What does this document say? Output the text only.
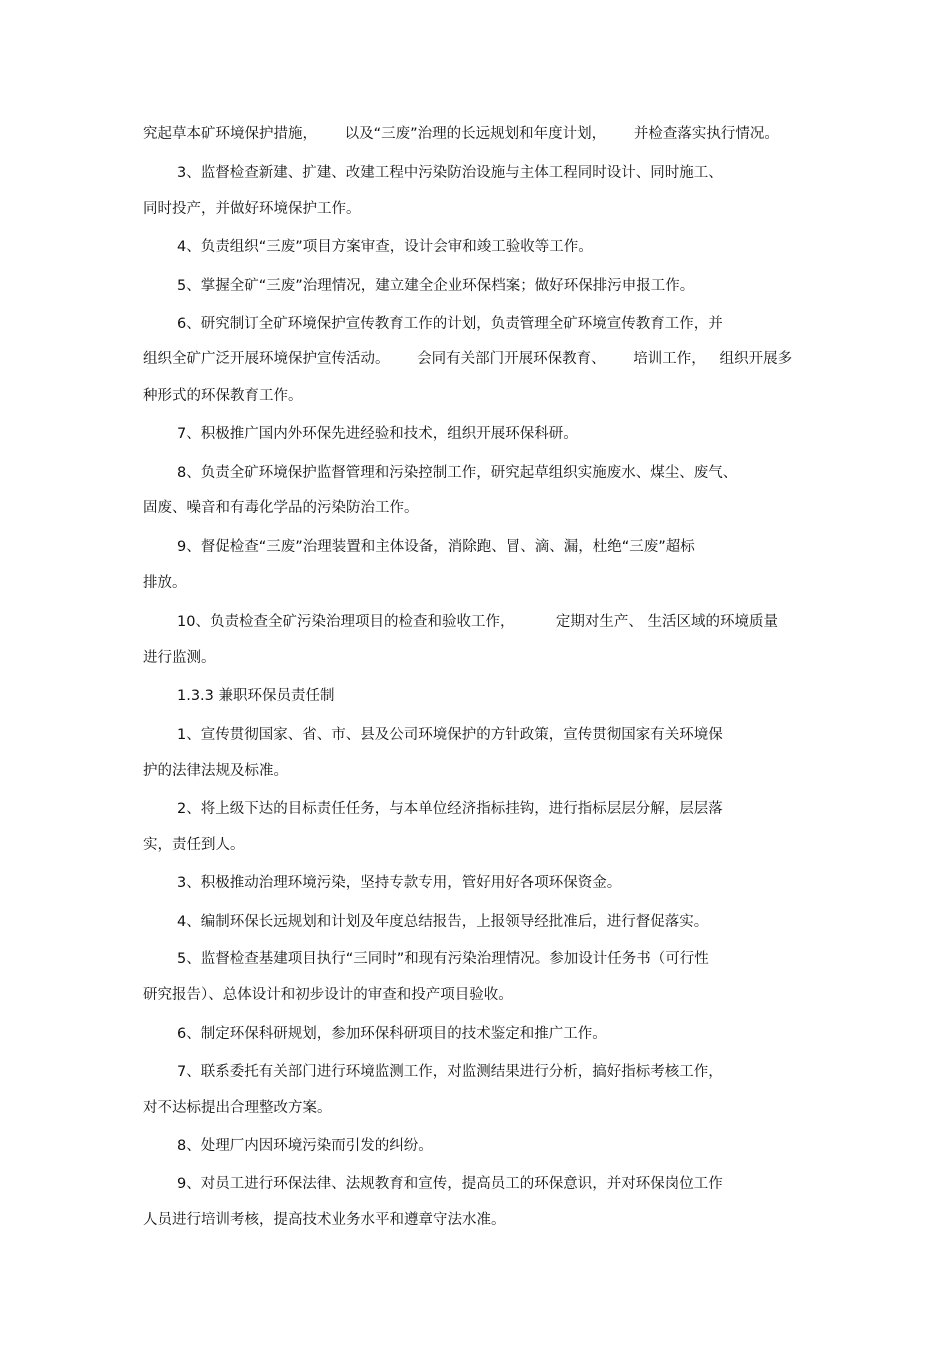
究起草本矿环境保护措施，      以及“三废”治理的长远规划和年度计划，      并检查落实执行情况。
3、监督检查新建、扩建、改建工程中污染防治设施与主体工程同时设计、同时施工、
同时投产，并做好环境保护工作。
4、负责组织“三废”项目方案审查，设计会审和竣工验收等工作。
5、掌握全矿“三废”治理情况，建立建全企业环保档案；做好环保排污申报工作。
6、研究制订全矿环境保护宣传教育工作的计划，负责管理全矿环境宣传教育工作，并
组织全矿广泛开展环境保护宣传活动。      会同有关部门开展环保教育、      培训工作，   组织开展多
种形式的环保教育工作。
7、积极推广国内外环保先进经验和技术，组织开展环保科研。
8、负责全矿环境保护监督管理和污染控制工作，研究起草组织实施废水、煤尘、废气、
固废、噪音和有毒化学品的污染防治工作。
9、督促检查“三废”治理装置和主体设备，消除跑、冒、滴、漏，杜绝“三废”超标
排放。
10、负责检查全矿污染治理项目的检查和验收工作，         定期对生产、 生活区域的环境质量
进行监测。
1.3.3 兼职环保员责任制
1、宣传贯彻国家、省、市、县及公司环境保护的方针政策，宣传贯彻国家有关环境保
护的法律法规及标准。
2、将上级下达的目标责任任务，与本单位经济指标挂钩，进行指标层层分解，层层落
实，责任到人。
3、积极推动治理环境污染，坚持专款专用，管好用好各项环保资金。
4、编制环保长远规划和计划及年度总结报告，上报领导经批准后，进行督促落实。
5、监督检查基建项目执行“三同时”和现有污染治理情况。参加设计任务书（可行性
研究报告）、总体设计和初步设计的审查和投产项目验收。
6、制定环保科研规划，参加环保科研项目的技术鉴定和推广工作。
7、联系委托有关部门进行环境监测工作，对监测结果进行分析，搞好指标考核工作，
对不达标提出合理整改方案。
8、处理厂内因环境污染而引发的纠纷。
9、对员工进行环保法律、法规教育和宣传，提高员工的环保意识，并对环保岗位工作
人员进行培训考核，提高技术业务水平和遵章守法水准。
